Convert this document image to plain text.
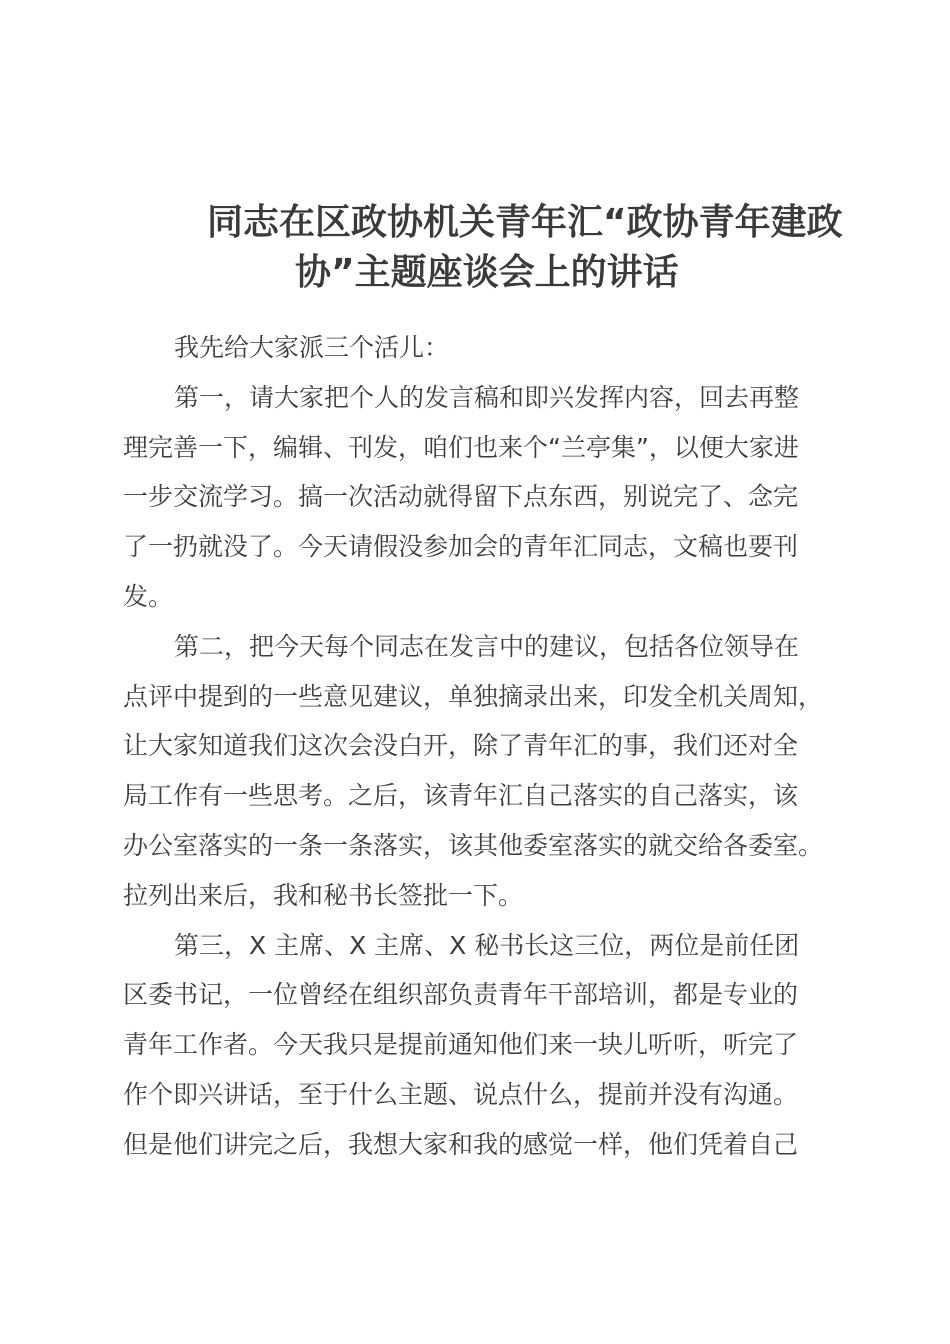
同志在区政协机关青年汇“政协青年建政
协”主题座谈会上的讲话
我先给大家派三个活儿：
第一，请大家把个人的发言稿和即兴发挥内容，回去再整
理完善一下，编辑、刊发，咱们也来个“兰亭集”，以便大家进
一步交流学习。搞一次活动就得留下点东西，别说完了、念完
了一扔就没了。今天请假没参加会的青年汇同志，文稿也要刊
发。
第二，把今天每个同志在发言中的建议，包括各位领导在
点评中提到的一些意见建议，单独摘录出来，印发全机关周知，
让大家知道我们这次会没白开，除了青年汇的事，我们还对全
局工作有一些思考。之后，该青年汇自己落实的自己落实，该
办公室落实的一条一条落实，该其他委室落实的就交给各委室。
拉列出来后，我和秘书长签批一下。
第三，X 主席、X 主席、X 秘书长这三位，两位是前任团
区委书记，一位曾经在组织部负责青年干部培训，都是专业的
青年工作者。今天我只是提前通知他们来一块儿听听，听完了
作个即兴讲话，至于什么主题、说点什么，提前并没有沟通。
但是他们讲完之后，我想大家和我的感觉一样，他们凭着自己
